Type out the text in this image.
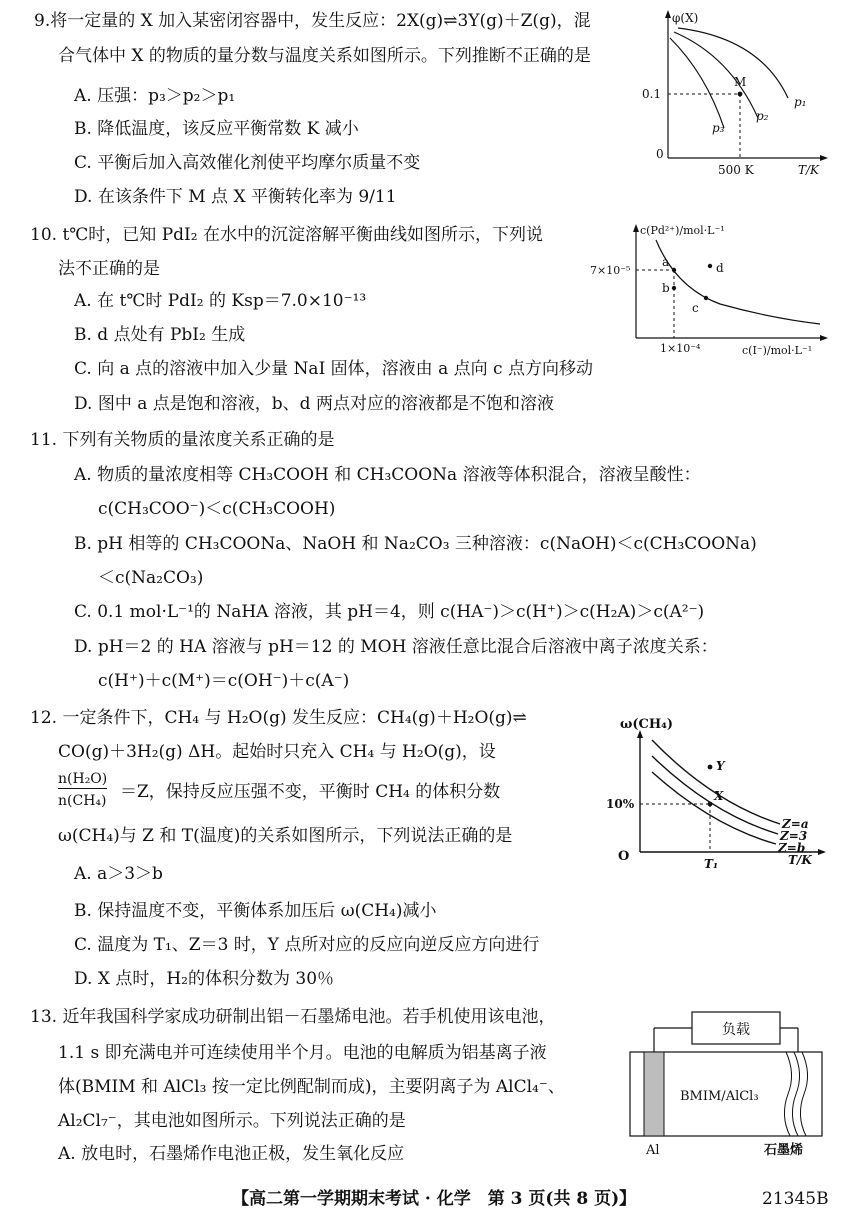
9.将一定量的 X 加入某密闭容器中，发生反应：2X(g)⇌3Y(g)＋Z(g)，混
合气体中 X 的物质的量分数与温度关系如图所示。下列推断不正确的是
A. 压强：p₃＞p₂＞p₁
B. 降低温度，该反应平衡常数 K 减小
C. 平衡后加入高效催化剂使平均摩尔质量不变
D. 在该条件下 M 点 X 平衡转化率为 9/11
φ(X)
0.1
0
500 K	T/K
M
p₁
p₂
p₃
10. t℃时，已知 PdI₂ 在水中的沉淀溶解平衡曲线如图所示，下列说
法不正确的是
A. 在 t℃时 PdI₂ 的 Ksp＝7.0×10⁻¹³
B. d 点处有 PbI₂ 生成
C. 向 a 点的溶液中加入少量 NaI 固体，溶液由 a 点向 c 点方向移动
D. 图中 a 点是饱和溶液，b、d 两点对应的溶液都是不饱和溶液
c(Pd²⁺)/mol·L⁻¹
7×10⁻⁵
1×10⁻⁴	c(I⁻)/mol·L⁻¹
a
b
c
d
11. 下列有关物质的量浓度关系正确的是
A. 物质的量浓度相等 CH₃COOH 和 CH₃COONa 溶液等体积混合，溶液呈酸性：
c(CH₃COO⁻)＜c(CH₃COOH)
B. pH 相等的 CH₃COONa、NaOH 和 Na₂CO₃ 三种溶液：c(NaOH)＜c(CH₃COONa)
＜c(Na₂CO₃)
C. 0.1 mol·L⁻¹的 NaHA 溶液，其 pH＝4，则 c(HA⁻)＞c(H⁺)＞c(H₂A)＞c(A²⁻)
D. pH＝2 的 HA 溶液与 pH＝12 的 MOH 溶液任意比混合后溶液中离子浓度关系：
c(H⁺)＋c(M⁺)＝c(OH⁻)＋c(A⁻)
12. 一定条件下，CH₄ 与 H₂O(g) 发生反应：CH₄(g)＋H₂O(g)⇌
CO(g)＋3H₂(g) ΔH。起始时只充入 CH₄ 与 H₂O(g)，设
n(H₂O)
n(CH₄) ＝Z，保持反应压强不变，平衡时 CH₄ 的体积分数
ω(CH₄)与 Z 和 T(温度)的关系如图所示，下列说法正确的是
A. a＞3＞b
B. 保持温度不变，平衡体系加压后 ω(CH₄)减小
C. 温度为 T₁、Z＝3 时，Y 点所对应的反应向逆反应方向进行
D. X 点时，H₂的体积分数为 30％
ω(CH₄)
10%
O	T₁	T/K
Y
X
Z=a
Z=3
Z=b
13. 近年我国科学家成功研制出铝－石墨烯电池。若手机使用该电池，
1.1 s 即充满电并可连续使用半个月。电池的电解质为铝基离子液
体(BMIM 和 AlCl₃ 按一定比例配制而成)，主要阴离子为 AlCl₄⁻、
Al₂Cl₇⁻，其电池如图所示。下列说法正确的是
A. 放电时，石墨烯作电池正极，发生氧化反应
负载
BMIM/AlCl₃
Al	石墨烯
【高二第一学期期末考试 · 化学　第 3 页(共 8 页)】	21345B
